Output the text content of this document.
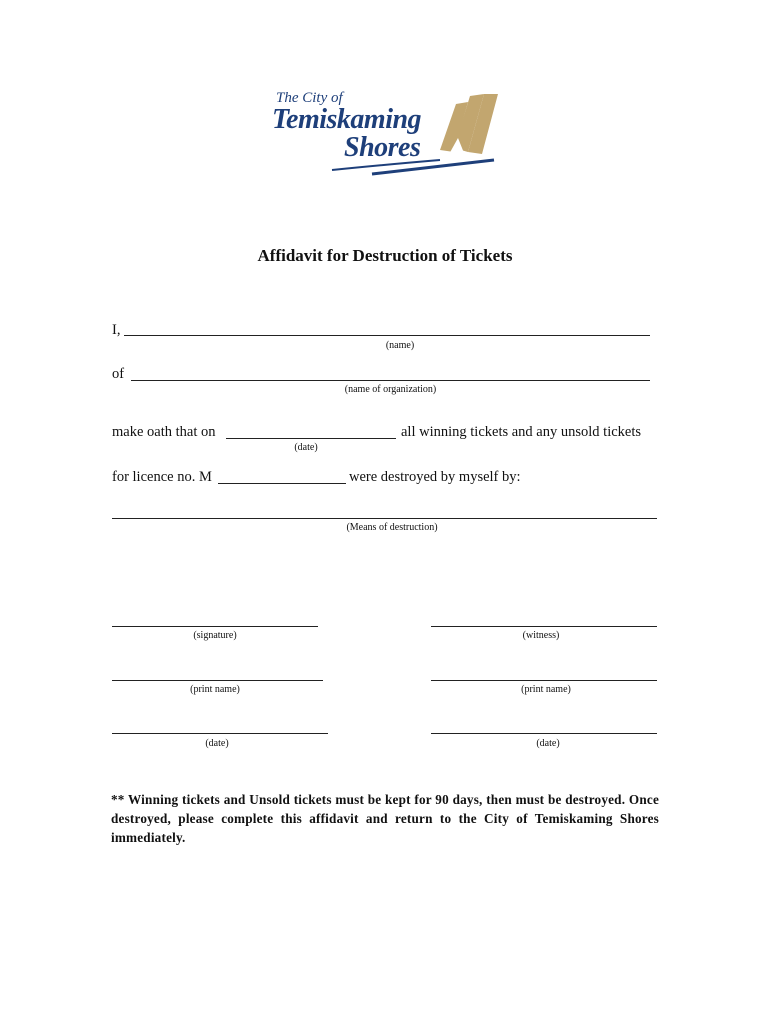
The City of
Temiskaming
Shores
Affidavit for Destruction of Tickets
I,
(name)
of
(name of organization)
make oath that on	all winning tickets and any unsold tickets
(date)
for licence no. M	were destroyed by myself by:
(Means of destruction)
(signature)	(witness)
(print name)	(print name)
(date)	(date)
** Winning tickets and Unsold tickets must be kept for 90 days, then must be destroyed. Once destroyed, please complete this affidavit and return to the City of Temiskaming Shores immediately.
